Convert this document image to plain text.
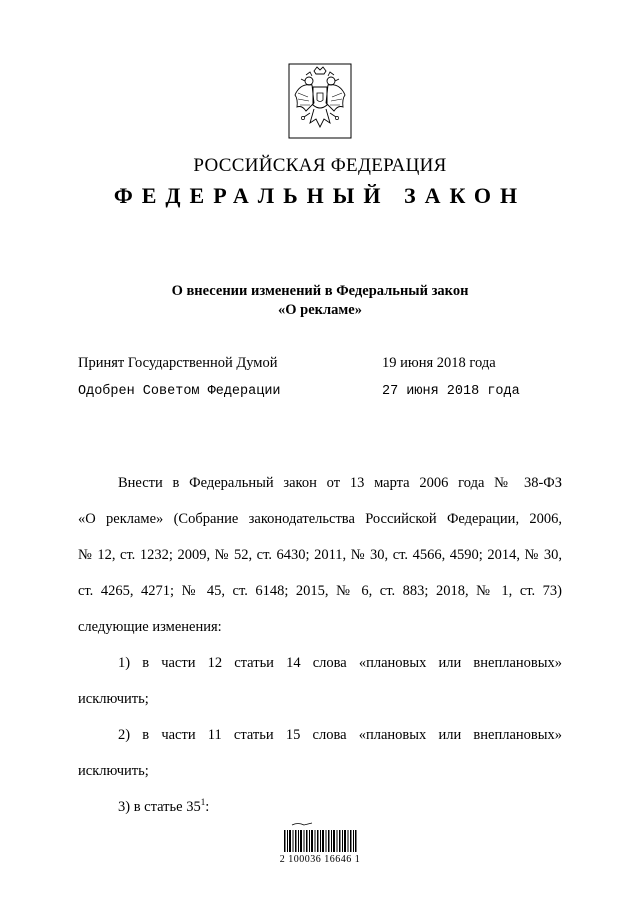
РОССИЙСКАЯ ФЕДЕРАЦИЯ
ФЕДЕРАЛЬНЫЙ ЗАКОН
О внесении изменений в Федеральный закон
«О рекламе»
Принят Государственной Думой	19 июня 2018 года
Одобрен Советом Федерации	27 июня 2018 года

Внести в Федеральный закон от 13 марта 2006 года № 38-ФЗ

«О рекламе» (Собрание законодательства Российской Федерации, 2006,

№ 12, ст. 1232; 2009, № 52, ст. 6430; 2011, № 30, ст. 4566, 4590; 2014, № 30,

ст. 4265, 4271; № 45, ст. 6148; 2015, № 6, ст. 883; 2018, № 1, ст. 73)

следующие изменения:

1) в части 12 статьи 14 слова «плановых или внеплановых»

исключить;

2) в части 11 статьи 15 слова «плановых или внеплановых»

исключить;

3) в статье $35^1$:

2 100036 16646 1
